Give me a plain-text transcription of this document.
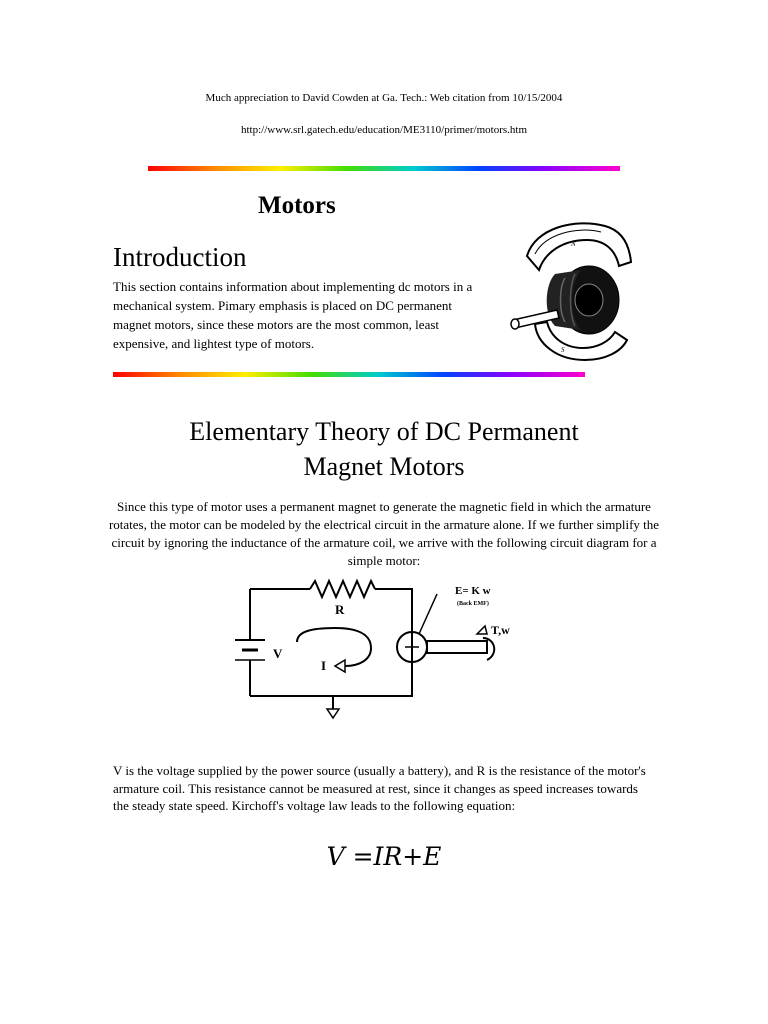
Much appreciation to David Cowden at Ga. Tech.: Web citation from 10/15/2004
http://www.srl.gatech.edu/education/ME3110/primer/motors.htm
Motors
Introduction
This section contains information about implementing dc motors in a mechanical system. Pimary emphasis is placed on DC permanent magnet motors, since these motors are the most common, least expensive, and lightest type of motors.
N
S
Elementary Theory of DC Permanent
Magnet Motors
Since this type of motor uses a permanent magnet to generate the magnetic field in which the armature rotates, the motor can be modeled by the electrical circuit in the armature alone. If we further simplify the circuit by ignoring the inductance of the armature coil, we arrive with the following circuit diagram for a simple motor:
R
V
I
E= K w
(Back EMF)
T,w
V is the voltage supplied by the power source (usually a battery), and R is the resistance of the motor's armature coil. This resistance cannot be measured at rest, since it changes as speed increases towards the steady state speed. Kirchoff's voltage law leads to the following equation:
V =IR+E
